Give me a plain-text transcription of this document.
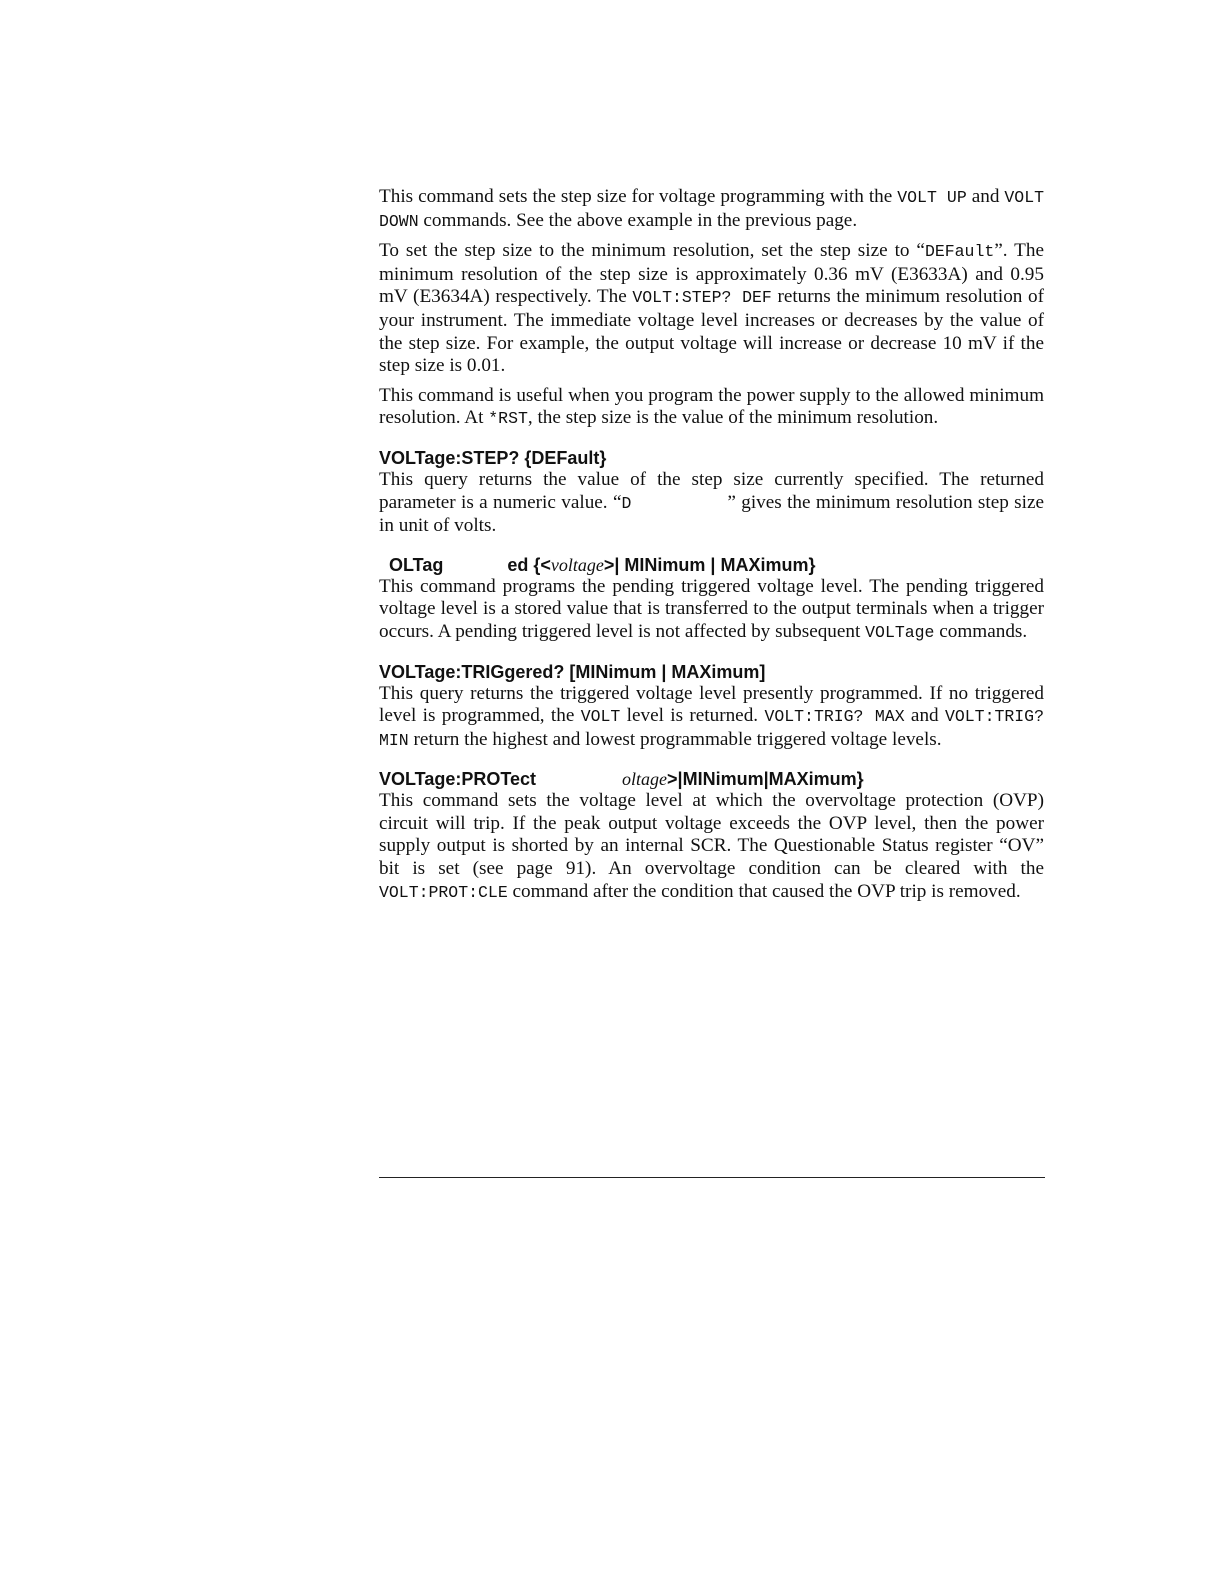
This command sets the step size for voltage programming with the VOLT UP and VOLT DOWN commands. See the above example in the previous page.

To set the step size to the minimum resolution, set the step size to “DEFault”. The minimum resolution of the step size is approximately 0.36 mV (E3633A) and 0.95 mV (E3634A) respectively. The VOLT:STEP? DEF returns the minimum resolution of your instrument. The immediate voltage level increases or decreases by the value of the step size. For example, the output voltage will increase or decrease 10 mV if the step size is 0.01.

This command is useful when you program the power supply to the allowed minimum resolution. At *RST, the step size is the value of the minimum resolution.

VOLTage:STEP? {DEFault}

This query returns the value of the step size currently specified. The returned parameter is a numeric value. “D	” gives the minimum resolution step size in unit of volts.

OLTag	ed {<voltage>| MINimum | MAXimum}

This command programs the pending triggered voltage level. The pending triggered voltage level is a stored value that is transferred to the output terminals when a trigger occurs. A pending triggered level is not affected by subsequent VOLTage commands.

VOLTage:TRIGgered? [MINimum | MAXimum]

This query returns the triggered voltage level presently programmed. If no triggered level is programmed, the VOLT level is returned. VOLT:TRIG? MAX and VOLT:TRIG? MIN return the highest and lowest programmable triggered voltage levels.

VOLTage:PROTect	oltage>|MINimum|MAXimum}

This command sets the voltage level at which the overvoltage protection (OVP) circuit will trip. If the peak output voltage exceeds the OVP level, then the power supply output is shorted by an internal SCR. The Questionable Status register “OV” bit is set (see page 91). An overvoltage condition can be cleared with the VOLT:PROT:CLE command after the condition that caused the OVP trip is removed.
